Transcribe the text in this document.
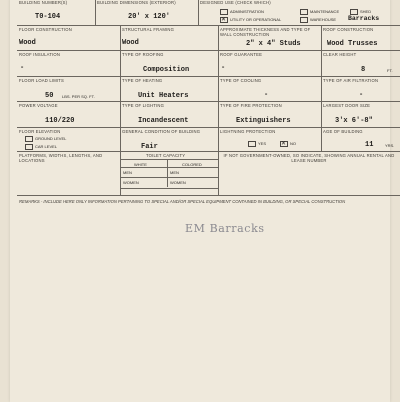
BUILDING NUMBER(S)
T0-104
BUILDING DIMENSIONS (EXTERIOR)
20' x 120'
DESIGNED USE (CHECK WHICH)
ADMINISTRATION	MAINTENANCE	SHED
✕ UTILITY OR OPERATIONAL	WAREHOUSE Barracks
FLOOR CONSTRUCTION
Wood
STRUCTURAL FRAMING
Wood
APPROXIMATE THICKNESS AND TYPE OF WALL CONSTRUCTION
2" x 4" Studs
ROOF CONSTRUCTION
Wood Trusses
ROOF INSULATION
-
TYPE OF ROOFING
Composition
ROOF GUARANTEE
-
CLEAR HEIGHT
8	FT.
FLOOR LOAD LIMITS
50 LBS. PER SQ. FT.
TYPE OF HEATING
Unit Heaters
TYPE OF COOLING
-
TYPE OF AIR FILTRATION
-
POWER VOLTAGE
110/220
TYPE OF LIGHTING
Incandescent
TYPE OF FIRE PROTECTION
Extinguishers
LARGEST DOOR SIZE
3'x 6'-8"
FLOOR ELEVATION
GROUND LEVEL
CAR LEVEL
GENERAL CONDITION OF BUILDING
Fair
LIGHTNING PROTECTION
YES ✕ NO
AGE OF BUILDING
11	YRS.
PLATFORMS, WIDTHS, LENGTHS, AND LOCATIONS
TOILET CAPACITY
WHITE	COLORED
MEN	MEN
WOMEN	WOMEN
IF NOT GOVERNMENT-OWNED, SO INDICATE, SHOWING ANNUAL RENTAL AND LEASE NUMBER
REMARKS - INCLUDE HERE ONLY INFORMATION PERTAINING TO SPECIAL AND/OR SPECIAL EQUIPMENT CONTAINED IN BUILDING, OR SPECIAL CONSTRUCTION
EM Barracks
